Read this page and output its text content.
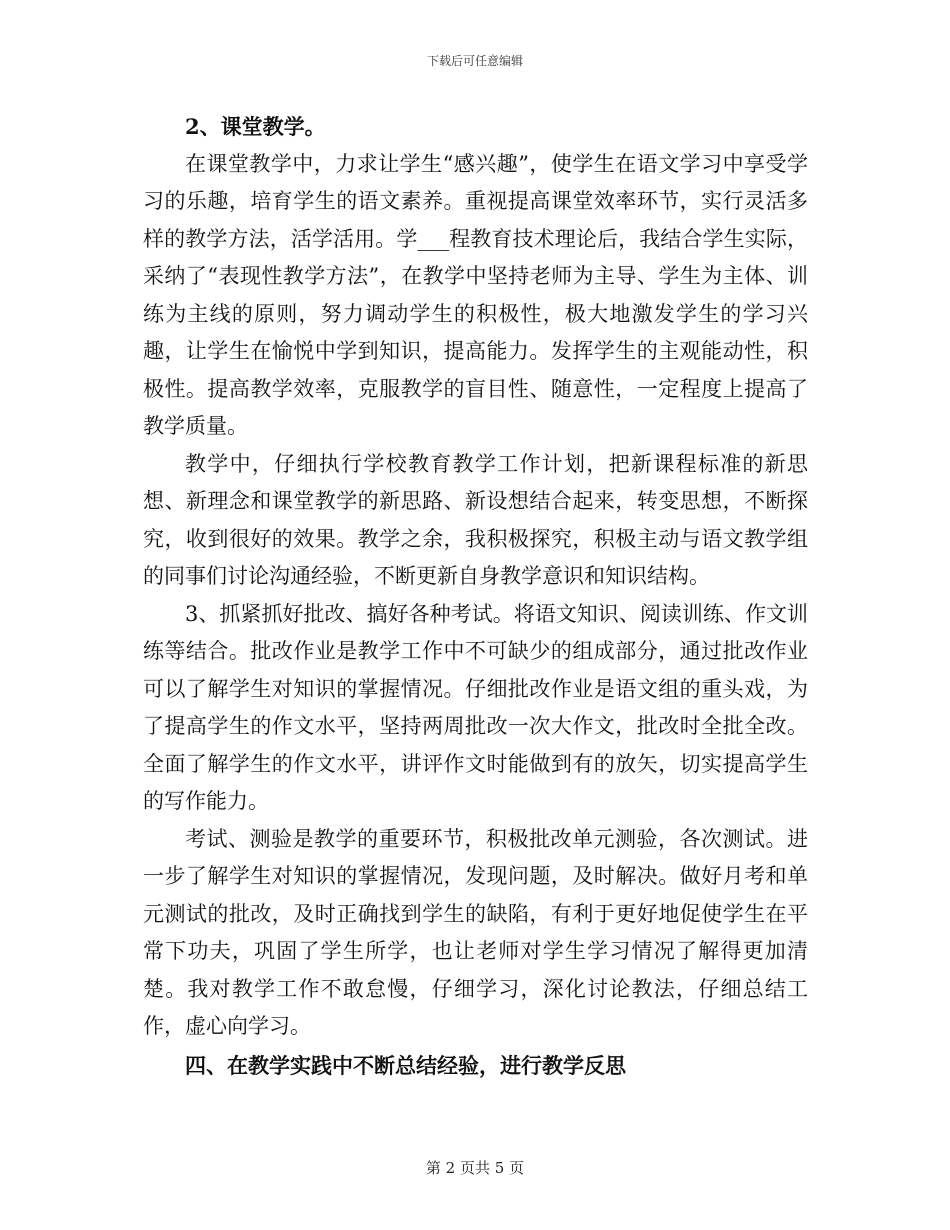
下载后可任意编辑

2、课堂教学。

在课堂教学中，力求让学生“感兴趣”，使学生在语文学习中享受学习的乐趣，培育学生的语文素养。重视提高课堂效率环节，实行灵活多样的教学方法，活学活用。学___程教育技术理论后，我结合学生实际，采纳了“表现性教学方法”，在教学中坚持老师为主导、学生为主体、训练为主线的原则，努力调动学生的积极性，极大地激发学生的学习兴趣，让学生在愉悦中学到知识，提高能力。发挥学生的主观能动性，积极性。提高教学效率，克服教学的盲目性、随意性，一定程度上提高了教学质量。

教学中，仔细执行学校教育教学工作计划，把新课程标准的新思想、新理念和课堂教学的新思路、新设想结合起来，转变思想，不断探究，收到很好的效果。教学之余，我积极探究，积极主动与语文教学组的同事们讨论沟通经验，不断更新自身教学意识和知识结构。

3、抓紧抓好批改、搞好各种考试。将语文知识、阅读训练、作文训练等结合。批改作业是教学工作中不可缺少的组成部分，通过批改作业可以了解学生对知识的掌握情况。仔细批改作业是语文组的重头戏，为了提高学生的作文水平，坚持两周批改一次大作文，批改时全批全改。全面了解学生的作文水平，讲评作文时能做到有的放矢，切实提高学生的写作能力。

考试、测验是教学的重要环节，积极批改单元测验，各次测试。进一步了解学生对知识的掌握情况，发现问题，及时解决。做好月考和单元测试的批改，及时正确找到学生的缺陷，有利于更好地促使学生在平常下功夫，巩固了学生所学，也让老师对学生学习情况了解得更加清楚。我对教学工作不敢怠慢，仔细学习，深化讨论教法，仔细总结工作，虚心向学习。

四、在教学实践中不断总结经验，进行教学反思

第 2 页共 5 页
